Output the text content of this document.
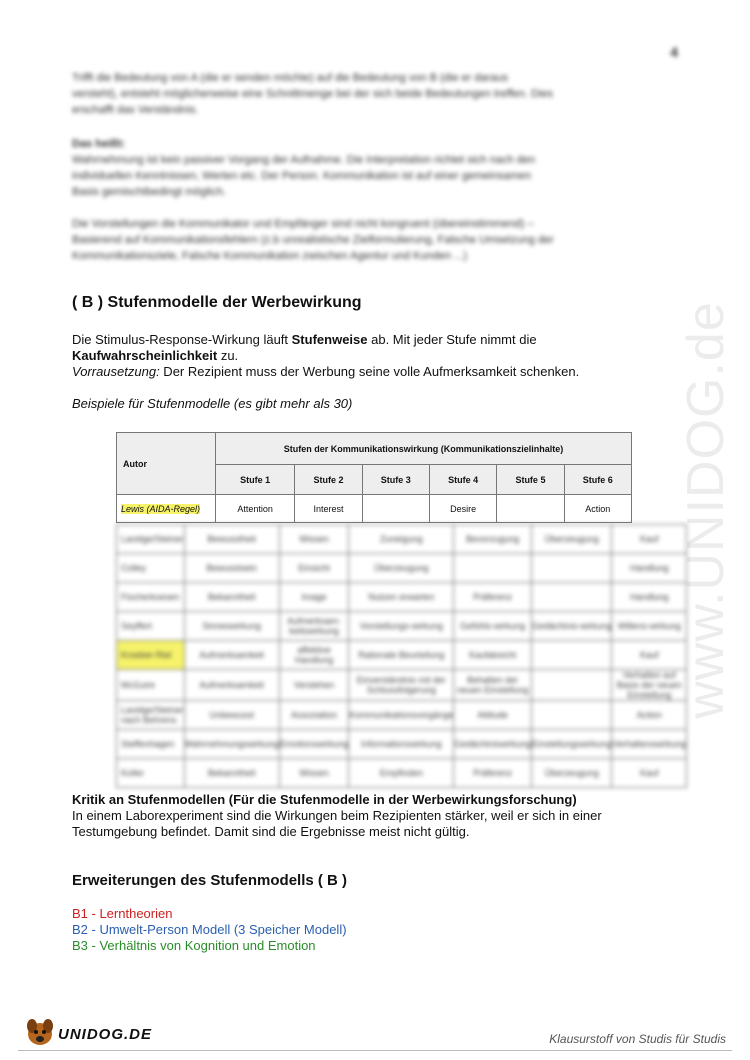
4
www.UNIDOG.de
Trifft die Bedeutung von A (die er senden möchte) auf die Bedeutung von B (die er daraus
versteht), entsteht möglicherweise eine Schnittmenge bei der sich beide Bedeutungen treffen. Dies
erschafft das Verständnis.
Das heißt:
Wahrnehmung ist kein passiver Vorgang der Aufnahme. Die Interpretation richtet sich nach den
individuellen Kenntnissen, Werten etc. Der Person. Kommunikation ist auf einer gemeinsamen
Basis gemischtbedingt möglich.
Die Vorstellungen die Kommunikator und Empfänger sind nicht kongruent (übereinstimmend) –
Basierend auf Kommunikationsfehlern (z.b unrealistische Zielformulierung, Falsche Umsetzung der
Kommunikationsziele, Falsche Kommunikation zwischen Agentur und Kunden ...)
( B ) Stufenmodelle der Werbewirkung
Die Stimulus-Response-Wirkung läuft Stufenweise ab. Mit jeder Stufe nimmt die
Kaufwahrscheinlichkeit zu.
Vorrausetzung: Der Rezipient muss der Werbung seine volle Aufmerksamkeit schenken.
Beispiele für Stufenmodelle (es gibt mehr als 30)
Autor	Stufen der Kommunikationswirkung (Kommunikationszielinhalte)					
	Stufe 1	Stufe 2	Stufe 3	Stufe 4	Stufe 5	Stufe 6
Lewis (AIDA-Regel)	Attention	Interest		Desire		Action
Lavidge/Steiner	Bewusstheit	Wissen	Zuneigung	Bevorzugung	Überzeugung	Kauf
Colley	Bewusstsein	Einsicht	Überzeugung			Handlung
Fischerkoesen	Bekanntheit	Image	Nutzen erwarten	Präferenz		Handlung
Seyffert	Sinneswirkung	Aufmerksam-keitswirkung	Vorstellungs-wirkung	Gefühls-wirkung	Gedächtnis-wirkung	Willens-wirkung
Kroeber-Riel	Aufmerksamkeit	affektive Handlung	Rationale Beurteilung	Kaufabsicht		Kauf
McGuire	Aufmerksamkeit	Verstehen	Einverständnis mit der Schlussfolgerung	Behalten der neuen Einstellung		Verhalten auf Basis der neuen Einstellung
Lavidge/Steiner nach Behrens	Unbewusst	Assoziation	Kommunikationsvorgänge	Attitude		Action
Steffenhagen	Wahrnehmungswirkung	Emotionswirkung	Informationswirkung	Gedächtniswirkung	Einstellungswirkung	Verhaltenswirkung
Koller	Bekanntheit	Wissen	Empfinden	Präferenz	Überzeugung	Kauf
Kritik an Stufenmodellen (Für die Stufenmodelle in der Werbewirkungsforschung)
In einem Laborexperiment sind die Wirkungen beim Rezipienten stärker, weil er sich in einer
Testumgebung befindet. Damit sind die Ergebnisse meist nicht gültig.
Erweiterungen des Stufenmodells ( B )
B1 - Lerntheorien
B2 - Umwelt-Person Modell (3 Speicher Modell)
B3 - Verhältnis von Kognition und Emotion
UNIDOG.DE	Klausurstoff von Studis für Studis
